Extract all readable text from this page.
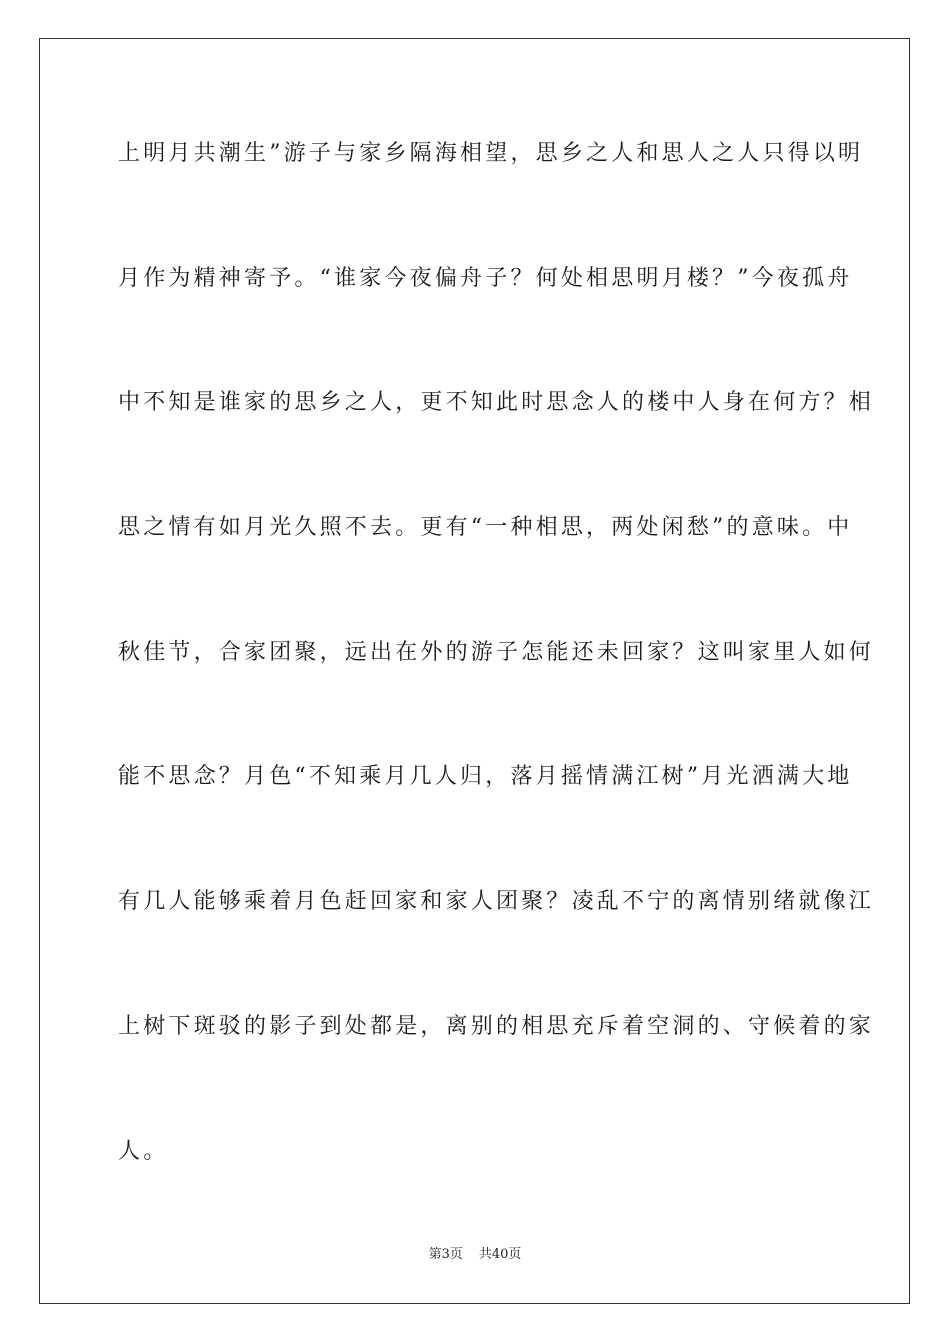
上明月共潮生”游子与家乡隔海相望，思乡之人和思人之人只得以明
月作为精神寄予。“谁家今夜偏舟子？何处相思明月楼？”今夜孤舟
中不知是谁家的思乡之人，更不知此时思念人的楼中人身在何方？相
思之情有如月光久照不去。更有“一种相思，两处闲愁”的意味。中
秋佳节，合家团聚，远出在外的游子怎能还未回家？这叫家里人如何
能不思念？月色“不知乘月几人归，落月摇情满江树”月光洒满大地
有几人能够乘着月色赶回家和家人团聚？凌乱不宁的离情别绪就像江
上树下斑驳的影子到处都是，离别的相思充斥着空洞的、守候着的家
人。
第3页 共40页
